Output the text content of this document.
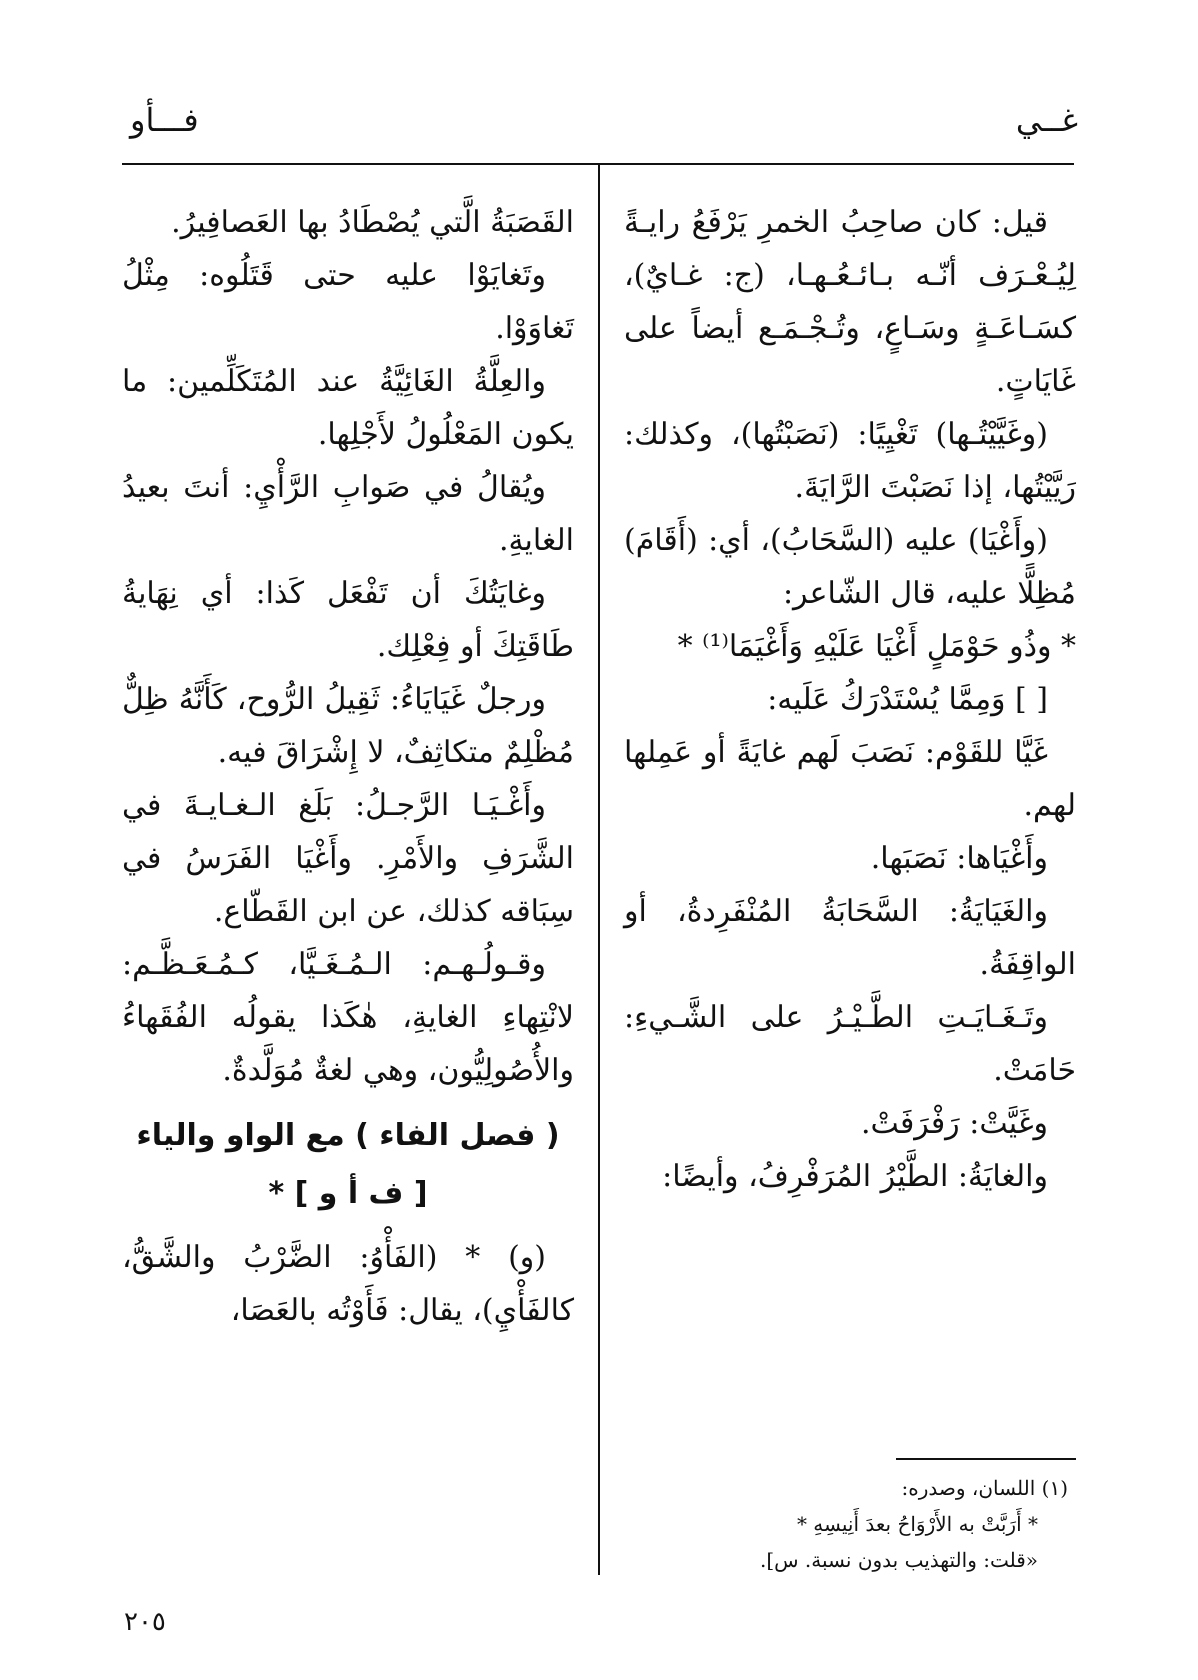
غــي
فـــأو

قيل: كان صاحِبُ الخمرِ يَرْفَعُ رايـةً لِيُـعْـرَف أنّـه بـائـعُـهـا، (ج: غـايٌ)، كسَـاعَـةٍ وسَـاعٍ، وتُـجْـمَـع أيضاً على غَايَاتٍ.

(وغَيَّيْتُـها) تَغْيِيًا: (نَصَبْتُها)، وكذلك: رَيَّيْتُها، إذا نَصَبْتَ الرَّايَةَ.

(وأَغْيَا) عليه (السَّحَابُ)، أي: (أَقَامَ) مُظِلًّا عليه، قال الشّاعر:

* وذُو حَوْمَلٍ أَغْيَا عَلَيْهِ وَأَغْيَمَا⁽¹⁾ *

[ ] وَمِمَّا يُسْتَدْرَكُ عَلَيه:

غَيَّا للقَوْم: نَصَبَ لَهم غايَةً أو عَمِلها لهم.

وأَغْيَاها: نَصَبَها.

والغَيَايَةُ: السَّحَابَةُ المُنْفَرِدةُ، أو الواقِفَةُ.

وتَـغَـايَـتِ الطَّـيْـرُ على الشَّـيءِ: حَامَتْ.

وغَيَّتْ: رَفْرَفَتْ.

والغايَةُ: الطَّيْرُ المُرَفْرِفُ، وأيضًا:

القَصَبَةُ الَّتي يُصْطَادُ بها العَصافِيرُ.

وتَغايَوْا عليه حتى قَتَلُوه: مِثْلُ تَغاوَوْا.

والعِلَّةُ الغَائِيَّةُ عند المُتَكَلِّمين: ما يكون المَعْلُولُ لأَجْلِها.

ويُقالُ في صَوابِ الرَّأْيِ: أنتَ بعيدُ الغايةِ.

وغايَتُكَ أن تَفْعَل كَذا: أي نِهَايةُ طَاقَتِكَ أو فِعْلِك.

ورجلٌ غَيَايَاءُ: ثَقِيلُ الرُّوح، كَأَنَّهُ ظِلٌّ مُظْلِمٌ متكاثِفٌ، لا إِشْرَاقَ فيه.

وأَغْـيَـا الرَّجـلُ: بَلَغ الـغـايـةَ في الشَّرَفِ والأَمْرِ. وأَغْيَا الفَرَسُ في سِبَاقه كذلك، عن ابن القَطّاع.

وقـولُـهـم: الـمُـغَـيَّا، كـمُـعَـظَّـم: لانْتِهاءِ الغايةِ، هٰكَذا يقولُه الفُقَهاءُ والأُصُولِيُّون، وهي لغةٌ مُوَلَّدةٌ.

( فصل الفاء ) مع الواو والياء

[ ف أ و ] *

(و) * (الفَأْوُ: الضَّرْبُ والشَّقُّ، كالفَأْيِ)، يقال: فَأَوْتُه بالعَصَا،

(١) اللسان، وصدره:

* أَرَبَّتْ به الأَرْوَاحُ بعدَ أَنِيسِهِ *

«قلت: والتهذيب بدون نسبة. س].

٢٠٥
